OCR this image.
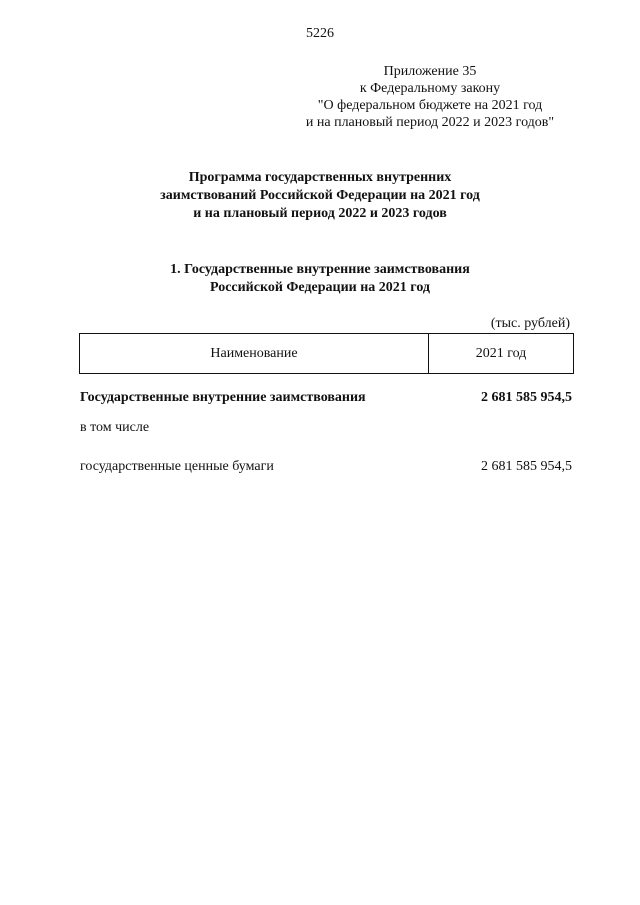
5226
Приложение 35
к Федеральному закону
"О федеральном бюджете на 2021 год
и на плановый период 2022 и 2023 годов"
Программа государственных внутренних
заимствований Российской Федерации на 2021 год
и на плановый период 2022 и 2023 годов
1. Государственные внутренние заимствования
Российской Федерации на 2021 год
(тыс. рублей)
Наименование	2021 год
Государственные внутренние заимствования	2 681 585 954,5
в том числе
государственные ценные бумаги	2 681 585 954,5
